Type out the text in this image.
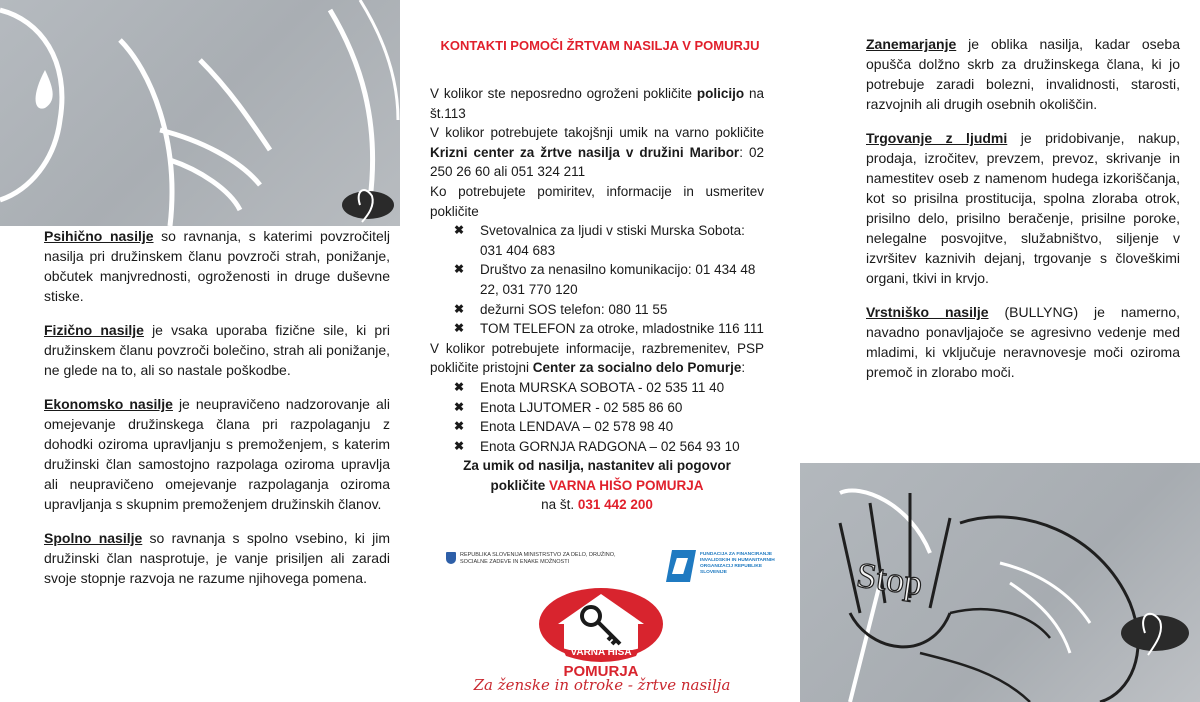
Psihično nasilje so ravnanja, s katerimi povzročitelj nasilja pri družinskem članu povzroči strah, ponižanje, občutek manjvrednosti, ogroženosti in druge duševne stiske.

Fizično nasilje je vsaka uporaba fizične sile, ki pri družinskem članu povzroči bolečino, strah ali ponižanje, ne glede na to, ali so nastale poškodbe.

Ekonomsko nasilje je neupravičeno nadzorovanje ali omejevanje družinskega člana pri razpolaganju z dohodki oziroma upravljanju s premoženjem, s katerim družinski član samostojno razpolaga oziroma upravlja ali neupravičeno omejevanje razpolaganja oziroma upravljanja s skupnim premoženjem družinskih članov.

Spolno nasilje so ravnanja s spolno vsebino, ki jim družinski član nasprotuje, je vanje prisiljen ali zaradi svoje stopnje razvoja ne razume njihovega pomena.

KONTAKTI POMOČI ŽRTVAM NASILJA V POMURJU
V kolikor ste neposredno ogroženi pokličite policijo na št.113
V kolikor potrebujete takojšnji umik na varno pokličite Krizni center za žrtve nasilja v družini Maribor: 02 250 26 60 ali 051 324 211
Ko potrebujete pomiritev, informacije in usmeritev pokličite
✖ Svetovalnica za ljudi v stiski Murska Sobota: 031 404 683
✖ Društvo za nenasilno komunikacijo: 01 434 48 22, 031 770 120
✖ dežurni SOS telefon: 080 11 55
✖ TOM TELEFON za otroke, mladostnike 116 111
V kolikor potrebujete informacije, razbremenitev, PSP pokličite pristojni Center za socialno delo Pomurje:
✖ Enota MURSKA SOBOTA - 02 535 11 40
✖ Enota LJUTOMER - 02 585 86 60
✖ Enota LENDAVA – 02 578 98 40
✖ Enota GORNJA RADGONA – 02 564 93 10
Za umik od nasilja, nastanitev ali pogovor
pokličite VARNA HIŠO POMURJA
na št. 031 442 200
REPUBLIKA SLOVENIJA MINISTRSTVO ZA DELO, DRUŽINO, SOCIALNE ZADEVE IN ENAKE MOŽNOSTI
FUNDACIJA ZA FINANCIRANJE INVALIDSKIH IN HUMANITARNIH ORGANIZACIJ REPUBLIKE SLOVENIJE
VARNA HIŠA
POMURJA
Za ženske in otroke - žrtve nasilja

Zanemarjanje je oblika nasilja, kadar oseba opušča dolžno skrb za družinskega člana, ki jo potrebuje zaradi bolezni, invalidnosti, starosti, razvojnih ali drugih osebnih okoliščin.

Trgovanje z ljudmi je pridobivanje, nakup, prodaja, izročitev, prevzem, prevoz, skrivanje in namestitev oseb z namenom hudega izkoriščanja, kot so prisilna prostitucija, spolna zloraba otrok, prisilno delo, prisilno beračenje, prisilne poroke, nelegalne posvojitve, služabništvo, siljenje v izvršitev kaznivih dejanj, trgovanje s človeškimi organi, tkivi in krvjo.

Vrstniško nasilje (BULLYNG) je namerno, navadno ponavljajoče se agresivno vedenje med mladimi, ki vključuje neravnovesje moči oziroma premoč in zlorabo moči.

Stop
